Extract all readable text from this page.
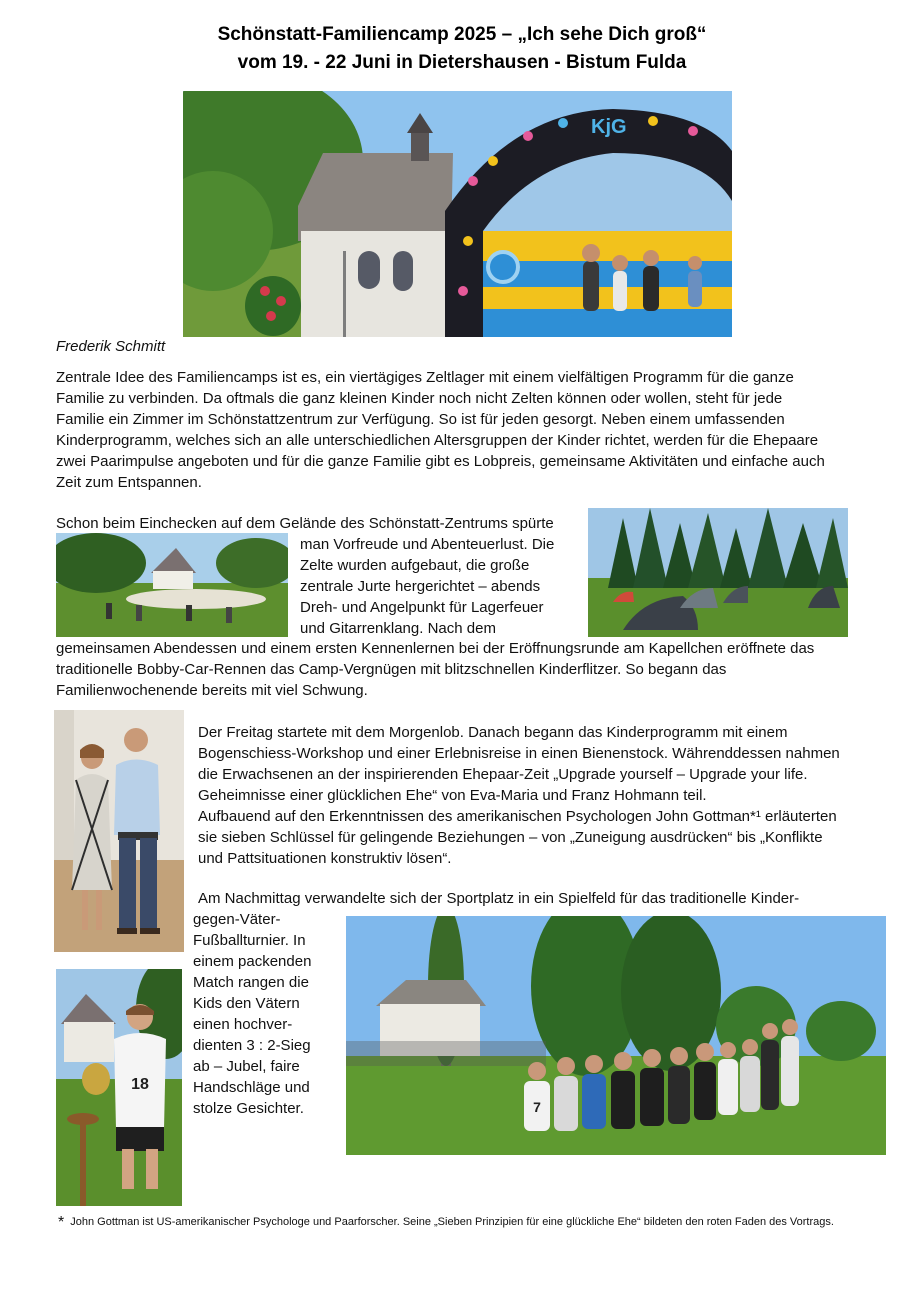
Schönstatt-Familiencamp 2025 – „Ich sehe Dich groß“
vom 19. - 22 Juni in Dietershausen - Bistum Fulda
KjG
Frederik Schmitt
Zentrale Idee des Familiencamps ist es, ein viertägiges Zeltlager mit einem vielfältigen Programm für die ganze
Familie zu verbinden. Da oftmals die ganz kleinen Kinder noch nicht Zelten können oder wollen, steht für jede
Familie ein Zimmer im Schönstattzentrum zur Verfügung. So ist für jeden gesorgt. Neben einem umfassenden
Kinderprogramm, welches sich an alle unterschiedlichen Altersgruppen der Kinder richtet, werden für die Ehepaare
zwei Paarimpulse angeboten und für die ganze Familie gibt es Lobpreis, gemeinsame Aktivitäten und einfache auch
Zeit zum Entspannen.
Schon beim Einchecken auf dem Gelände des Schönstatt-Zentrums spürte
man Vorfreude und Abenteuerlust. Die
Zelte wurden aufgebaut, die große
zentrale Jurte hergerichtet – abends
Dreh- und Angelpunkt für Lagerfeuer
und Gitarrenklang. Nach dem
gemeinsamen Abendessen und einem ersten Kennenlernen bei der Eröffnungsrunde am Kapellchen eröffnete das
traditionelle Bobby-Car-Rennen das Camp-Vergnügen mit blitzschnellen Kinderflitzer. So begann das
Familienwochenende bereits mit viel Schwung.
Der Freitag startete mit dem Morgenlob. Danach begann das Kinderprogramm mit einem
Bogenschiess-Workshop und einer Erlebnisreise in einen Bienenstock. Währenddessen nahmen
die Erwachsenen an der inspirierenden Ehepaar-Zeit „Upgrade yourself – Upgrade your life.
Geheimnisse einer glücklichen Ehe“ von Eva-Maria und Franz Hohmann teil.
Aufbauend auf den Erkenntnissen des amerikanischen Psychologen John Gottman*¹ erläuterten
sie sieben Schlüssel für gelingende Beziehungen – von „Zuneigung ausdrücken“ bis „Konflikte
und Pattsituationen konstruktiv lösen“.
Am Nachmittag verwandelte sich der Sportplatz in ein Spielfeld für das traditionelle Kinder-
gegen-Väter-
Fußballturnier. In
einem packenden
Match rangen die
Kids den Vätern
einen hochver-
dienten 3 : 2-Sieg
ab – Jubel, faire
Handschläge und
stolze Gesichter.
18
7
* John Gottman ist US-amerikanischer Psychologe und Paarforscher. Seine „Sieben Prinzipien für eine glückliche Ehe“ bildeten den roten Faden des Vortrags.
